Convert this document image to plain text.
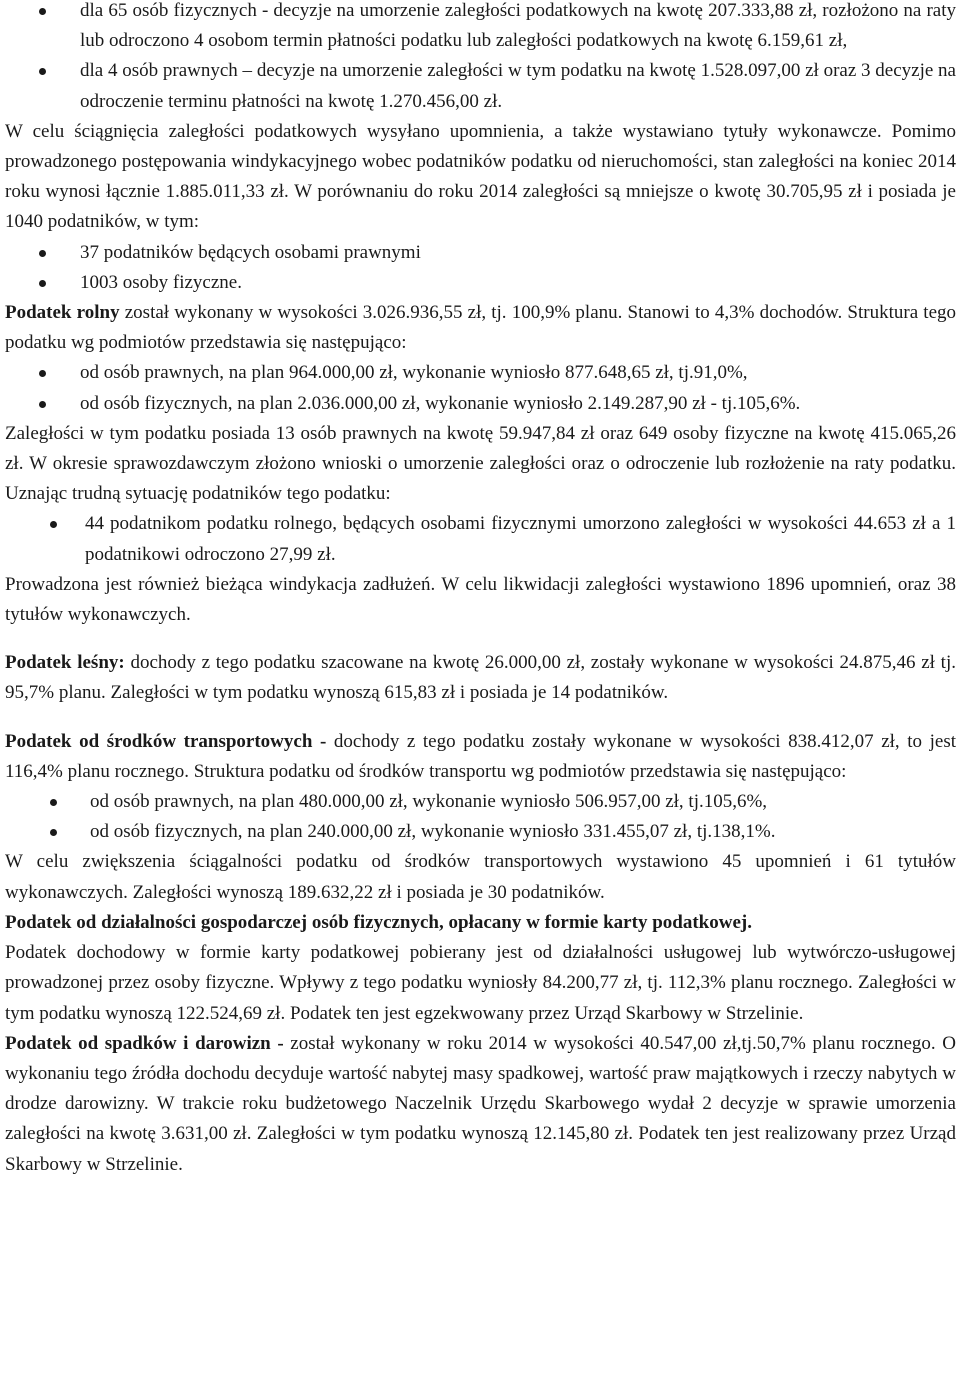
dla 65 osób fizycznych - decyzje na umorzenie zaległości podatkowych na kwotę 207.333,88 zł, rozłożono na raty lub odroczono 4 osobom termin płatności podatku lub zaległości podatkowych na kwotę 6.159,61 zł,
dla 4 osób prawnych – decyzje na umorzenie zaległości w tym podatku na kwotę 1.528.097,00 zł oraz 3 decyzje na odroczenie terminu płatności na kwotę 1.270.456,00 zł.

W celu ściągnięcia zaległości podatkowych wysyłano upomnienia, a także wystawiano tytuły wykonawcze. Pomimo prowadzonego postępowania windykacyjnego wobec podatników podatku od nieruchomości, stan zaległości na koniec 2014 roku wynosi łącznie 1.885.011,33 zł. W porównaniu do roku 2014 zaległości są mniejsze o kwotę 30.705,95 zł i posiada je 1040 podatników, w tym:

37 podatników będących osobami prawnymi
1003 osoby fizyczne.

Podatek rolny został wykonany w wysokości 3.026.936,55 zł, tj. 100,9% planu. Stanowi to 4,3% dochodów. Struktura tego podatku wg podmiotów przedstawia się następująco:

od osób prawnych, na plan 964.000,00 zł, wykonanie wyniosło 877.648,65 zł, tj.91,0%,
od osób fizycznych, na plan 2.036.000,00 zł, wykonanie wyniosło 2.149.287,90 zł - tj.105,6%.

Zaległości w tym podatku posiada 13 osób prawnych na kwotę 59.947,84 zł oraz 649 osoby fizyczne na kwotę 415.065,26 zł. W okresie sprawozdawczym złożono wnioski o umorzenie zaległości oraz o odroczenie lub rozłożenie na raty podatku. Uznając trudną sytuację podatników tego podatku:

44 podatnikom podatku rolnego, będących osobami fizycznymi umorzono zaległości w wysokości 44.653 zł a 1 podatnikowi odroczono 27,99 zł.

Prowadzona jest również bieżąca windykacja zadłużeń. W celu likwidacji zaległości wystawiono 1896 upomnień, oraz 38 tytułów wykonawczych.

Podatek leśny: dochody z tego podatku szacowane na kwotę 26.000,00 zł, zostały wykonane w wysokości 24.875,46 zł tj. 95,7% planu. Zaległości w tym podatku wynoszą 615,83 zł i posiada je 14 podatników.

Podatek od środków transportowych - dochody z tego podatku zostały wykonane w wysokości 838.412,07 zł, to jest 116,4% planu rocznego. Struktura podatku od środków transportu wg podmiotów przedstawia się następująco:

od osób prawnych, na plan 480.000,00 zł, wykonanie wyniosło 506.957,00 zł, tj.105,6%,
od osób fizycznych, na plan 240.000,00 zł, wykonanie wyniosło 331.455,07 zł, tj.138,1%.

W celu zwiększenia ściągalności podatku od środków transportowych wystawiono 45 upomnień i 61 tytułów wykonawczych. Zaległości wynoszą 189.632,22 zł i posiada je 30 podatników.

Podatek od działalności gospodarczej osób fizycznych, opłacany w formie karty podatkowej.

Podatek dochodowy w formie karty podatkowej pobierany jest od działalności usługowej lub wytwórczo-usługowej prowadzonej przez osoby fizyczne. Wpływy z tego podatku wyniosły 84.200,77 zł, tj. 112,3% planu rocznego. Zaległości w tym podatku wynoszą 122.524,69 zł. Podatek ten jest egzekwowany przez Urząd Skarbowy w Strzelinie.

Podatek od spadków i darowizn - został wykonany w roku 2014 w wysokości 40.547,00 zł,tj.50,7% planu rocznego. O wykonaniu tego źródła dochodu decyduje wartość nabytej masy spadkowej, wartość praw majątkowych i rzeczy nabytych w drodze darowizny. W trakcie roku budżetowego Naczelnik Urzędu Skarbowego wydał 2 decyzje w sprawie umorzenia zaległości na kwotę 3.631,00 zł. Zaległości w tym podatku wynoszą 12.145,80 zł. Podatek ten jest realizowany przez Urząd Skarbowy w Strzelinie.
